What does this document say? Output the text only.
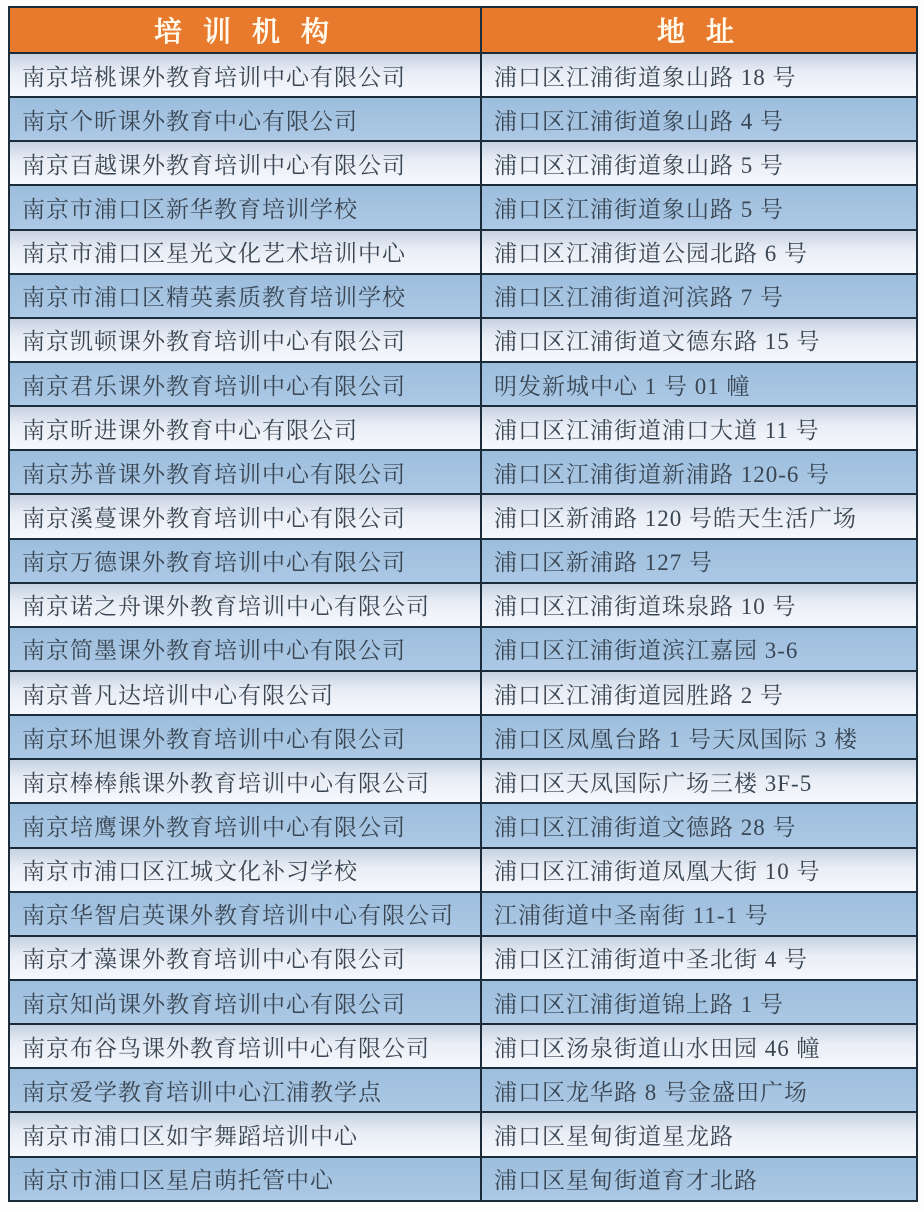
培 训 机 构	地 址
南京培桃课外教育培训中心有限公司	浦口区江浦街道象山路 18 号
南京个昕课外教育中心有限公司	浦口区江浦街道象山路 4 号
南京百越课外教育培训中心有限公司	浦口区江浦街道象山路 5 号
南京市浦口区新华教育培训学校	浦口区江浦街道象山路 5 号
南京市浦口区星光文化艺术培训中心	浦口区江浦街道公园北路 6 号
南京市浦口区精英素质教育培训学校	浦口区江浦街道河滨路 7 号
南京凯顿课外教育培训中心有限公司	浦口区江浦街道文德东路 15 号
南京君乐课外教育培训中心有限公司	明发新城中心 1 号 01 幢
南京昕进课外教育中心有限公司	浦口区江浦街道浦口大道 11 号
南京苏普课外教育培训中心有限公司	浦口区江浦街道新浦路 120-6 号
南京溪蔓课外教育培训中心有限公司	浦口区新浦路 120 号皓天生活广场
南京万德课外教育培训中心有限公司	浦口区新浦路 127 号
南京诺之舟课外教育培训中心有限公司	浦口区江浦街道珠泉路 10 号
南京简墨课外教育培训中心有限公司	浦口区江浦街道滨江嘉园 3-6
南京普凡达培训中心有限公司	浦口区江浦街道园胜路 2 号
南京环旭课外教育培训中心有限公司	浦口区凤凰台路 1 号天凤国际 3 楼
南京棒棒熊课外教育培训中心有限公司	浦口区天凤国际广场三楼 3F-5
南京培鹰课外教育培训中心有限公司	浦口区江浦街道文德路 28 号
南京市浦口区江城文化补习学校	浦口区江浦街道凤凰大街 10 号
南京华智启英课外教育培训中心有限公司	江浦街道中圣南街 11-1 号
南京才藻课外教育培训中心有限公司	浦口区江浦街道中圣北街 4 号
南京知尚课外教育培训中心有限公司	浦口区江浦街道锦上路 1 号
南京布谷鸟课外教育培训中心有限公司	浦口区汤泉街道山水田园 46 幢
南京爱学教育培训中心江浦教学点	浦口区龙华路 8 号金盛田广场
南京市浦口区如宇舞蹈培训中心	浦口区星甸街道星龙路
南京市浦口区星启萌托管中心	浦口区星甸街道育才北路
